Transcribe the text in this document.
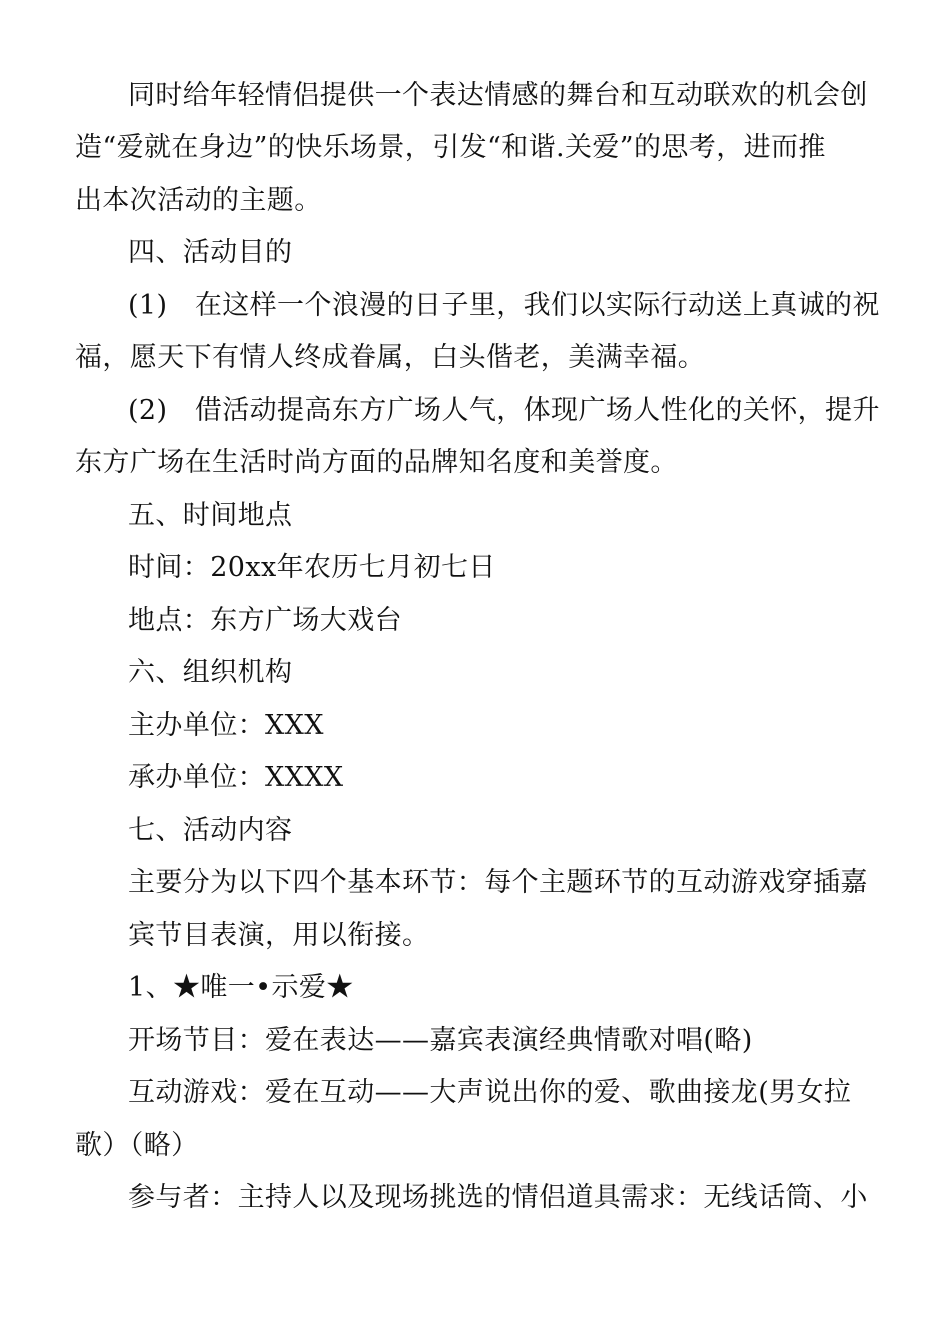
同时给年轻情侣提供一个表达情感的舞台和互动联欢的机会创
造“爱就在身边”的快乐场景，引发“和谐.关爱”的思考，进而推
出本次活动的主题。
四、活动目的
(1)　在这样一个浪漫的日子里，我们以实际行动送上真诚的祝
福，愿天下有情人终成眷属，白头偕老，美满幸福。
(2)　借活动提高东方广场人气，体现广场人性化的关怀，提升
东方广场在生活时尚方面的品牌知名度和美誉度。
五、时间地点
时间：20xx年农历七月初七日
地点：东方广场大戏台
六、组织机构
主办单位：XXX
承办单位：XXXX
七、活动内容
主要分为以下四个基本环节：每个主题环节的互动游戏穿插嘉
宾节目表演，用以衔接。
1、★唯一•示爱★
开场节目：爱在表达——嘉宾表演经典情歌对唱(略)
互动游戏：爱在互动——大声说出你的爱、歌曲接龙(男女拉
歌）（略）
参与者：主持人以及现场挑选的情侣道具需求：无线话筒、小
